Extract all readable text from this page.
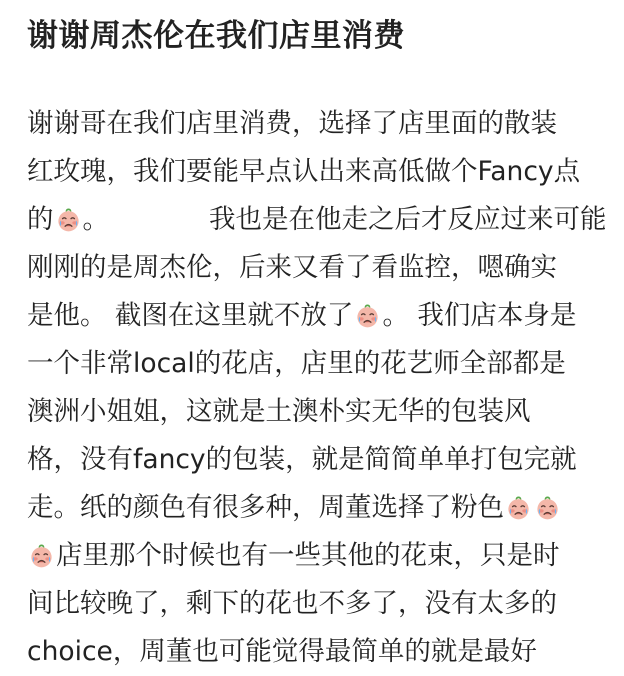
谢谢周杰伦在我们店里消费
谢谢哥在我们店里消费，选择了店里面的散装
红玫瑰，我们要能早点认出来高低做个Fancy点
的 。	我也是在他走之后才反应过来可能
刚刚的是周杰伦，后来又看了看监控，嗯确实
是他。 截图在这里就不放了 。 我们店本身是
一个非常local的花店，店里的花艺师全部都是
澳洲小姐姐，这就是土澳朴实无华的包装风
格，没有fancy的包装，就是简简单单打包完就
走。纸的颜色有很多种，周董选择了粉色
店里那个时候也有一些其他的花束，只是时
间比较晚了，剩下的花也不多了，没有太多的
choice，周董也可能觉得最简单的就是最好
